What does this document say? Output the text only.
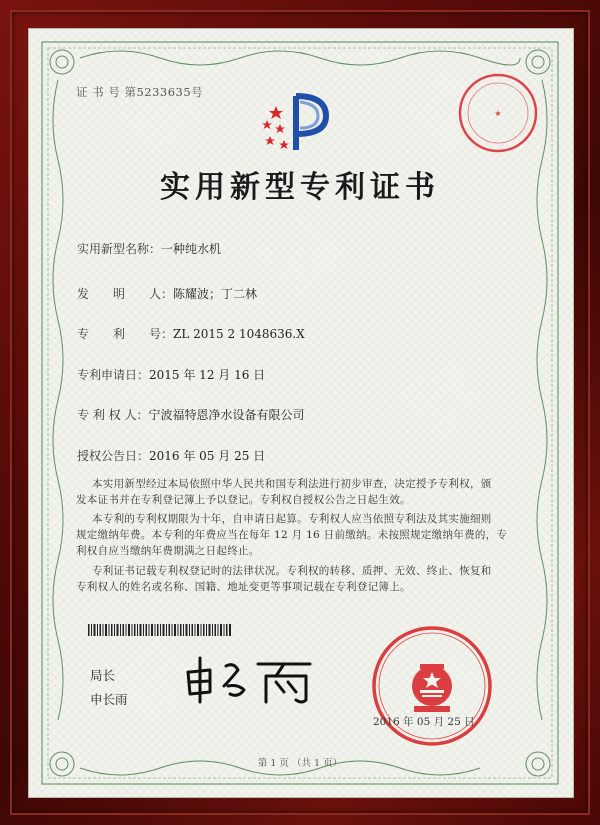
证 书 号 第5233635号
★
实用新型专利证书
实用新型名称：一种纯水机
发　　明　　人：陈耀波；丁二林
专　　利　　号：ZL 2015 2 1048636.X
专利申请日：2015 年 12 月 16 日
专 利 权 人：宁波福特恩净水设备有限公司
授权公告日：2016 年 05 月 25 日
本实用新型经过本局依照中华人民共和国专利法进行初步审查，决定授予专利权，颁
发本证书并在专利登记簿上予以登记。专利权自授权公告之日起生效。
本专利的专利权期限为十年，自申请日起算。专利权人应当依照专利法及其实施细则
规定缴纳年费。本专利的年费应当在每年 12 月 16 日前缴纳。未按照规定缴纳年费的，专
利权自应当缴纳年费期满之日起终止。
专利证书记载专利权登记时的法律状况。专利权的转移、质押、无效、终止、恢复和
专利权人的姓名或名称、国籍、地址变更等事项记载在专利登记簿上。
局长
申长雨
2016 年 05 月 25 日
第 1 页 （共 1 页）
